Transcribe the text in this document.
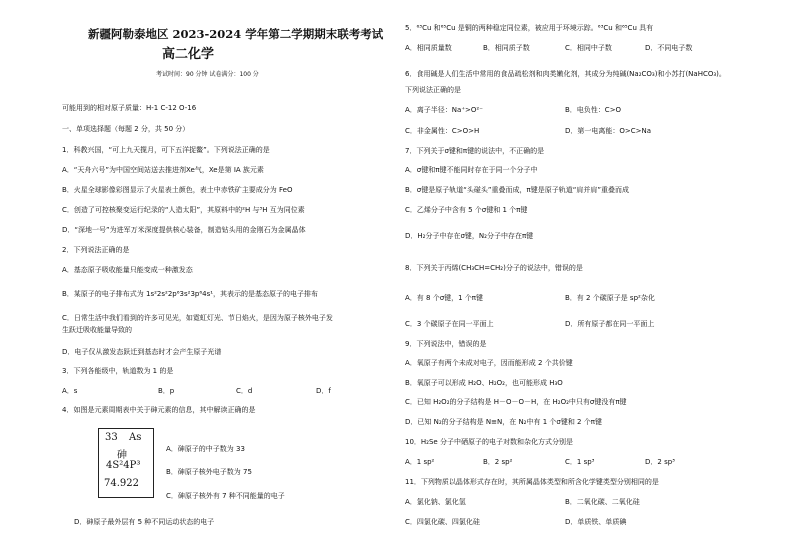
新疆阿勒泰地区 2023-2024 学年第二学期期末联考考试
高二化学
考试时间：90 分钟 试卷满分：100 分
可能用到的相对原子质量：H-1 C-12 O-16
一、单项选择题（每题 2 分，共 50 分）
1．科教兴国，“可上九天揽月，可下五洋捉鳖”。下列说法正确的是
A．“天舟六号”为中国空间站送去推进剂Xe气，Xe是第 IA 族元素
B．火星全球影像彩图显示了火星表土颜色，表土中赤铁矿主要成分为 FeO
C．创造了可控核聚变运行纪录的“人造太阳”，其原料中的²H 与³H 互为同位素
D．“深地一号”为进军万米深度提供核心装备，制造钻头用的金刚石为金属晶体
2．下列说法正确的是
A．基态原子吸收能量只能变成一种激发态
B．某原子的电子排布式为 1s²2s²2p⁶3s²3p⁶4s¹，其表示的是基态原子的电子排布
C．日常生活中我们看到的许多可见光，如霓虹灯光、节日焰火，是因为原子核外电子发
生跃迁吸收能量导致的
D．电子仅从激发态跃迁到基态时才会产生原子光谱
3．下列各能级中，轨道数为 1 的是
A．s	B．p	C．d	D．f
4．如图是元素周期表中关于砷元素的信息，其中解读正确的是
33 As
砷
4S²4P³
74.922
A．砷原子的中子数为 33
B．砷原子核外电子数为 75
C．砷原子核外有 7 种不同能量的电子
D．砷原子最外层有 5 种不同运动状态的电子
5．⁶³Cu 和⁶⁵Cu 是铜的两种稳定同位素，被应用于环境示踪。⁶³Cu 和⁶⁵Cu 具有
A．相同质量数	B．相同质子数	C．相同中子数	D．不同电子数
6．食用碱是人们生活中常用的食品疏松剂和肉类嫩化剂，其成分为纯碱(Na₂CO₃)和小苏打(NaHCO₃)。
下列说法正确的是
A．离子半径：Na⁺>O²⁻	B．电负性：C>O
C．非金属性：C>O>H	D．第一电离能：O>C>Na
7．下列关于σ键和π键的说法中，不正确的是
A．σ键和π键不能同时存在于同一个分子中
B．σ键是原子轨道“头碰头”重叠而成，π键是原子轨道“肩并肩”重叠而成
C．乙烯分子中含有 5 个σ键和 1 个π键
D．H₂分子中存在σ键，N₂分子中存在π键
8．下列关于丙烯(CH₃CH=CH₂)分子的说法中，错误的是
A．有 8 个σ键，1 个π键	B．有 2 个碳原子是 sp²杂化
C．3 个碳原子在同一平面上	D．所有原子都在同一平面上
9．下列说法中，错误的是
A．氧原子有两个未成对电子，因而能形成 2 个共价键
B．氧原子可以形成 H₂O、H₂O₂，也可能形成 H₃O
C．已知 H₂O₂的分子结构是 H－O－O－H，在 H₂O₂中只有σ键没有π键
D．已知 N₂的分子结构是 N≡N，在 N₂中有 1 个σ键和 2 个π键
10．H₂Se 分子中硒原子的电子对数和杂化方式分别是
A．1 sp²	B．2 sp²	C．1 sp³	D．2 sp³
11．下列物质以晶体形式存在时，其所属晶体类型和所含化学键类型分别相同的是
A．氯化钠、氯化氢	B．二氧化碳、二氧化硅
C．四氯化碳、四氯化硅	D．单质铁、单质碘
